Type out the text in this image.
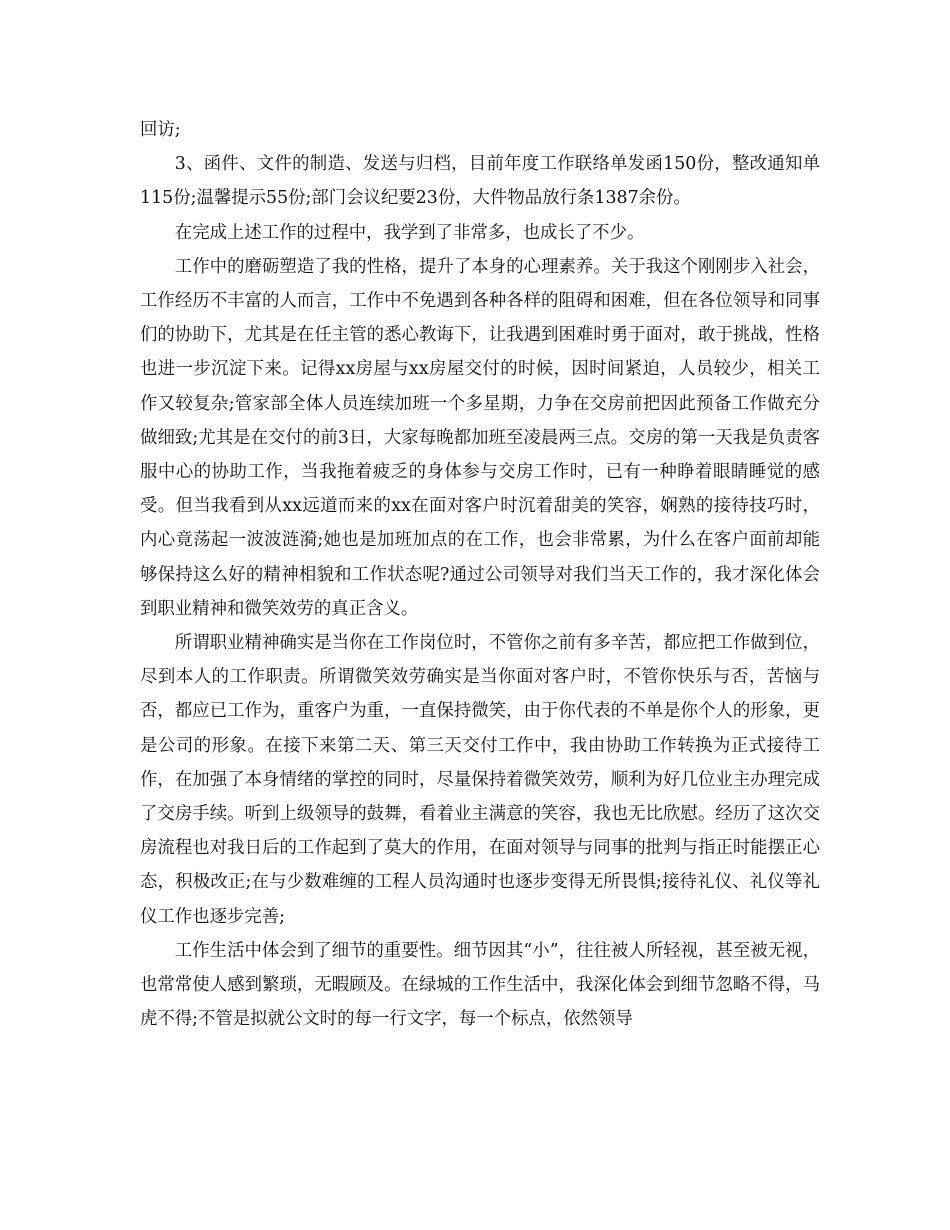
回访;

3、函件、文件的制造、发送与归档，目前年度工作联络单发函150份，整改通知单115份;温馨提示55份;部门会议纪要23份，大件物品放行条1387余份。

在完成上述工作的过程中，我学到了非常多，也成长了不少。

工作中的磨砺塑造了我的性格，提升了本身的心理素养。关于我这个刚刚步入社会，工作经历不丰富的人而言，工作中不免遇到各种各样的阻碍和困难，但在各位领导和同事们的协助下，尤其是在任主管的悉心教诲下，让我遇到困难时勇于面对，敢于挑战，性格也进一步沉淀下来。记得xx房屋与xx房屋交付的时候，因时间紧迫，人员较少，相关工作又较复杂;管家部全体人员连续加班一个多星期，力争在交房前把因此预备工作做充分做细致;尤其是在交付的前3日，大家每晚都加班至凌晨两三点。交房的第一天我是负责客服中心的协助工作，当我拖着疲乏的身体参与交房工作时，已有一种睁着眼睛睡觉的感受。但当我看到从xx远道而来的xx在面对客户时沉着甜美的笑容，娴熟的接待技巧时，内心竟荡起一波波涟漪;她也是加班加点的在工作，也会非常累，为什么在客户面前却能够保持这么好的精神相貌和工作状态呢?通过公司领导对我们当天工作的，我才深化体会到职业精神和微笑效劳的真正含义。

所谓职业精神确实是当你在工作岗位时，不管你之前有多辛苦，都应把工作做到位，尽到本人的工作职责。所谓微笑效劳确实是当你面对客户时，不管你快乐与否，苦恼与否，都应已工作为，重客户为重，一直保持微笑，由于你代表的不单是你个人的形象，更是公司的形象。在接下来第二天、第三天交付工作中，我由协助工作转换为正式接待工作，在加强了本身情绪的掌控的同时，尽量保持着微笑效劳，顺利为好几位业主办理完成了交房手续。听到上级领导的鼓舞，看着业主满意的笑容，我也无比欣慰。经历了这次交房流程也对我日后的工作起到了莫大的作用，在面对领导与同事的批判与指正时能摆正心态，积极改正;在与少数难缠的工程人员沟通时也逐步变得无所畏惧;接待礼仪、礼仪等礼仪工作也逐步完善;

工作生活中体会到了细节的重要性。细节因其“小”，往往被人所轻视，甚至被无视，也常常使人感到繁琐，无暇顾及。在绿城的工作生活中，我深化体会到细节忽略不得，马虎不得;不管是拟就公文时的每一行文字，每一个标点，依然领导
